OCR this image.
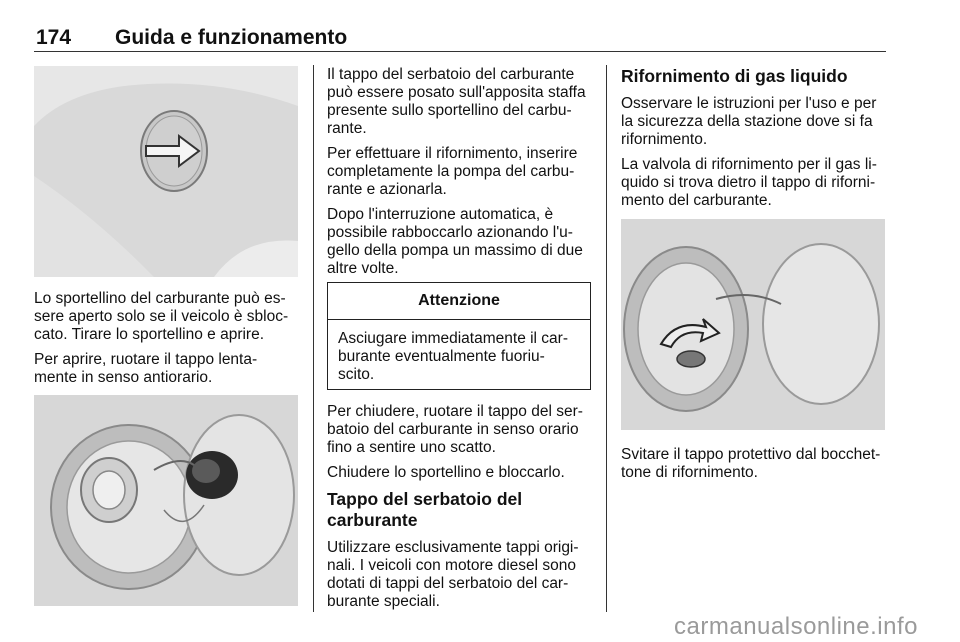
174 Guida e funzionamento

Lo sportellino del carburante può es-
sere aperto solo se il veicolo è sbloc-
cato. Tirare lo sportellino e aprire.

Per aprire, ruotare il tappo lenta-
mente in senso antiorario.

Il tappo del serbatoio del carburante
può essere posato sull'apposita staffa
presente sullo sportellino del carbu-
rante.

Per effettuare il rifornimento, inserire
completamente la pompa del carbu-
rante e azionarla.

Dopo l'interruzione automatica, è
possibile rabboccarlo azionando l'u-
gello della pompa un massimo di due
altre volte.

Attenzione
Asciugare immediatamente il car-
burante eventualmente fuoriu-
scito.

Per chiudere, ruotare il tappo del ser-
batoio del carburante in senso orario
fino a sentire uno scatto.

Chiudere lo sportellino e bloccarlo.

Tappo del serbatoio del
carburante

Utilizzare esclusivamente tappi origi-
nali. I veicoli con motore diesel sono
dotati di tappi del serbatoio del car-
burante speciali.

Rifornimento di gas liquido

Osservare le istruzioni per l'uso e per
la sicurezza della stazione dove si fa
rifornimento.

La valvola di rifornimento per il gas li-
quido si trova dietro il tappo di riforni-
mento del carburante.

Svitare il tappo protettivo dal bocchet-
tone di rifornimento.

carmanualsonline.info
